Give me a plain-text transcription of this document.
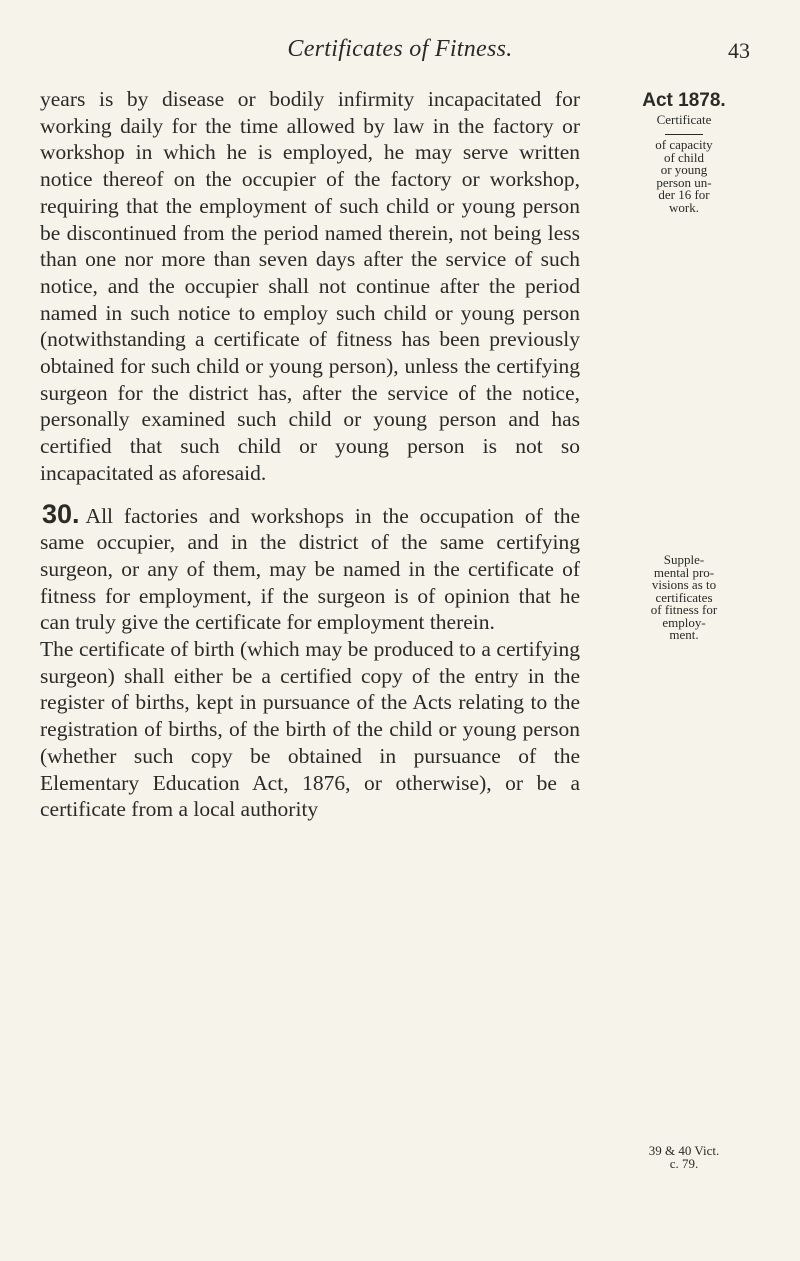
Certificates of Fitness.	43

years is by disease or bodily infirmity incapacitated for working daily for the time allowed by law in the factory or workshop in which he is employed, he may serve written notice thereof on the occupier of the factory or workshop, requiring that the employment of such child or young person be discontinued from the period named therein, not being less than one nor more than seven days after the service of such notice, and the occupier shall not continue after the period named in such notice to employ such child or young person (notwithstanding a certificate of fitness has been previously obtained for such child or young person), unless the certifying surgeon for the district has, after the service of the notice, personally examined such child or young person and has certified that such child or young person is not so incapacitated as aforesaid.

30. All factories and workshops in the occupation of the same occupier, and in the district of the same certifying surgeon, or any of them, may be named in the certificate of fitness for employment, if the surgeon is of opinion that he can truly give the certificate for employment therein.

The certificate of birth (which may be produced to a certifying surgeon) shall either be a certified copy of the entry in the register of births, kept in pursuance of the Acts relating to the registration of births, of the birth of the child or young person (whether such copy be obtained in pursuance of the Elementary Education Act, 1876, or otherwise), or be a certificate from a local authority

Act 1878.
Certificate
of capacity
of child
or young
person un-
der 16 for
work.
Supple-
mental pro-
visions as to
certificates
of fitness for
employ-
ment.
39 & 40 Vict.
c. 79.
